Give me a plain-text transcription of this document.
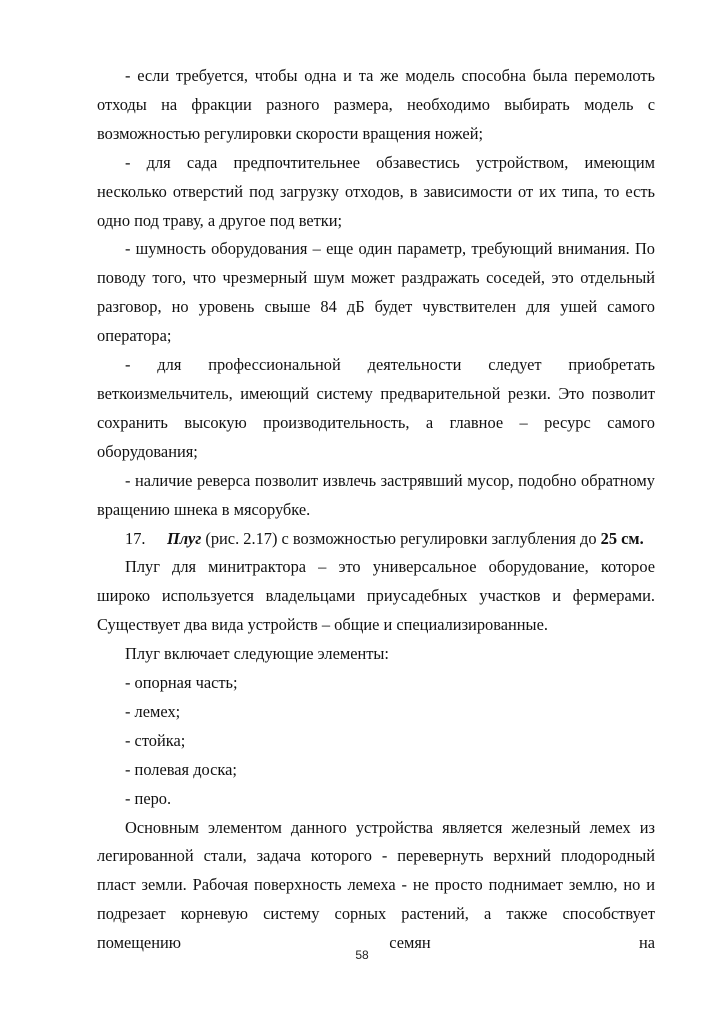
- если требуется, чтобы одна и та же модель способна была перемолоть отходы на фракции разного размера, необходимо выбирать модель с возможностью регулировки скорости вращения ножей;

- для сада предпочтительнее обзавестись устройством, имеющим несколько отверстий под загрузку отходов, в зависимости от их типа, то есть одно под траву, а другое под ветки;

- шумность оборудования – еще один параметр, требующий внимания. По поводу того, что чрезмерный шум может раздражать соседей, это отдельный разговор, но уровень свыше 84 дБ будет чувствителен для ушей самого оператора;

- для профессиональной деятельности следует приобретать веткоизмельчитель, имеющий систему предварительной резки. Это позволит сохранить высокую производительность, а главное – ресурс самого оборудования;

- наличие реверса позволит извлечь застрявший мусор, подобно обратному вращению шнека в мясорубке.

17. Плуг (рис. 2.17) с возможностью регулировки заглубления до 25 см.

Плуг для минитрактора – это универсальное оборудование, которое широко используется владельцами приусадебных участков и фермерами. Существует два вида устройств – общие и специализированные.

Плуг включает следующие элементы:

- опорная часть;

- лемех;

- стойка;

- полевая доска;

- перо.

Основным элементом данного устройства является железный лемех из легированной стали, задача которого - перевернуть верхний плодородный пласт земли. Рабочая поверхность лемеха - не просто поднимает землю, но и подрезает корневую систему сорных растений, а также способствует помещению семян на

58
